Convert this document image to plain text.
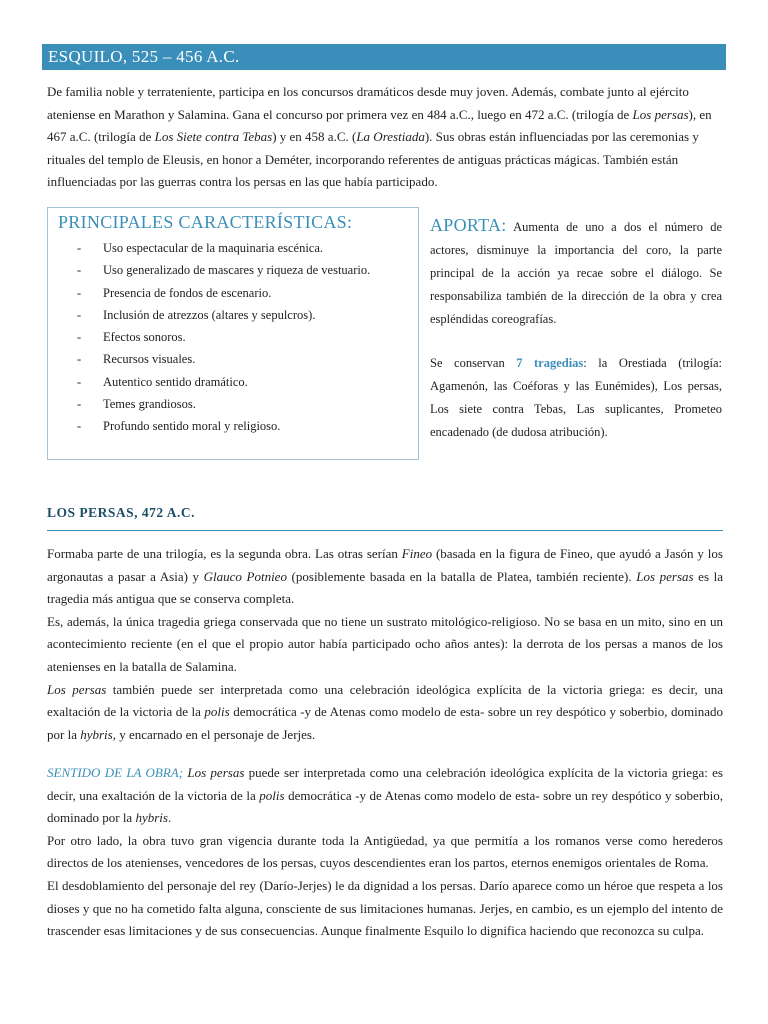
ESQUILO, 525 – 456 A.C.
De familia noble y terrateniente, participa en los concursos dramáticos desde muy joven. Además, combate junto al ejército ateniense en Marathon y Salamina. Gana el concurso por primera vez en 484 a.C., luego en 472 a.C. (trilogía de Los persas), en 467 a.C. (trilogía de Los Siete contra Tebas) y en 458 a.C. (La Orestiada). Sus obras están influenciadas por las ceremonias y rituales del templo de Eleusis, en honor a Deméter, incorporando referentes de antiguas prácticas mágicas. También están influenciadas por las guerras contra los persas en las que había participado.
PRINCIPALES CARACTERÍSTICAS:
- Uso espectacular de la maquinaria escénica.
- Uso generalizado de mascares y riqueza de vestuario.
- Presencia de fondos de escenario.
- Inclusión de atrezzos (altares y sepulcros).
- Efectos sonoros.
- Recursos visuales.
- Autentico sentido dramático.
- Temes grandiosos.
- Profundo sentido moral y religioso.
APORTA: Aumenta de uno a dos el número de actores, disminuye la importancia del coro, la parte principal de la acción ya recae sobre el diálogo. Se responsabiliza también de la dirección de la obra y crea espléndidas coreografías.
Se conservan 7 tragedias: la Orestiada (trilogía: Agamenón, las Coéforas y las Eunémides), Los persas, Los siete contra Tebas, Las suplicantes, Prometeo encadenado (de dudosa atribución).
LOS PERSAS, 472 A.C.

Formaba parte de una trilogía, es la segunda obra. Las otras serían Fineo (basada en la figura de Fineo, que ayudó a Jasón y los argonautas a pasar a Asia) y Glauco Potnieo (posiblemente basada en la batalla de Platea, también reciente). Los persas es la tragedia más antigua que se conserva completa.

Es, además, la única tragedia griega conservada que no tiene un sustrato mitológico-religioso. No se basa en un mito, sino en un acontecimiento reciente (en el que el propio autor había participado ocho años antes): la derrota de los persas a manos de los atenienses en la batalla de Salamina.

Los persas también puede ser interpretada como una celebración ideológica explícita de la victoria griega: es decir, una exaltación de la victoria de la polis democrática -y de Atenas como modelo de esta- sobre un rey despótico y soberbio, dominado por la hybris, y encarnado en el personaje de Jerjes.

SENTIDO DE LA OBRA; Los persas puede ser interpretada como una celebración ideológica explícita de la victoria griega: es decir, una exaltación de la victoria de la polis democrática -y de Atenas como modelo de esta- sobre un rey despótico y soberbio, dominado por la hybris.

Por otro lado, la obra tuvo gran vigencia durante toda la Antigüedad, ya que permitía a los romanos verse como herederos directos de los atenienses, vencedores de los persas, cuyos descendientes eran los partos, eternos enemigos orientales de Roma.

El desdoblamiento del personaje del rey (Darío-Jerjes) le da dignidad a los persas. Darío aparece como un héroe que respeta a los dioses y que no ha cometido falta alguna, consciente de sus limitaciones humanas. Jerjes, en cambio, es un ejemplo del intento de trascender esas limitaciones y de sus consecuencias. Aunque finalmente Esquilo lo dignifica haciendo que reconozca su culpa.
